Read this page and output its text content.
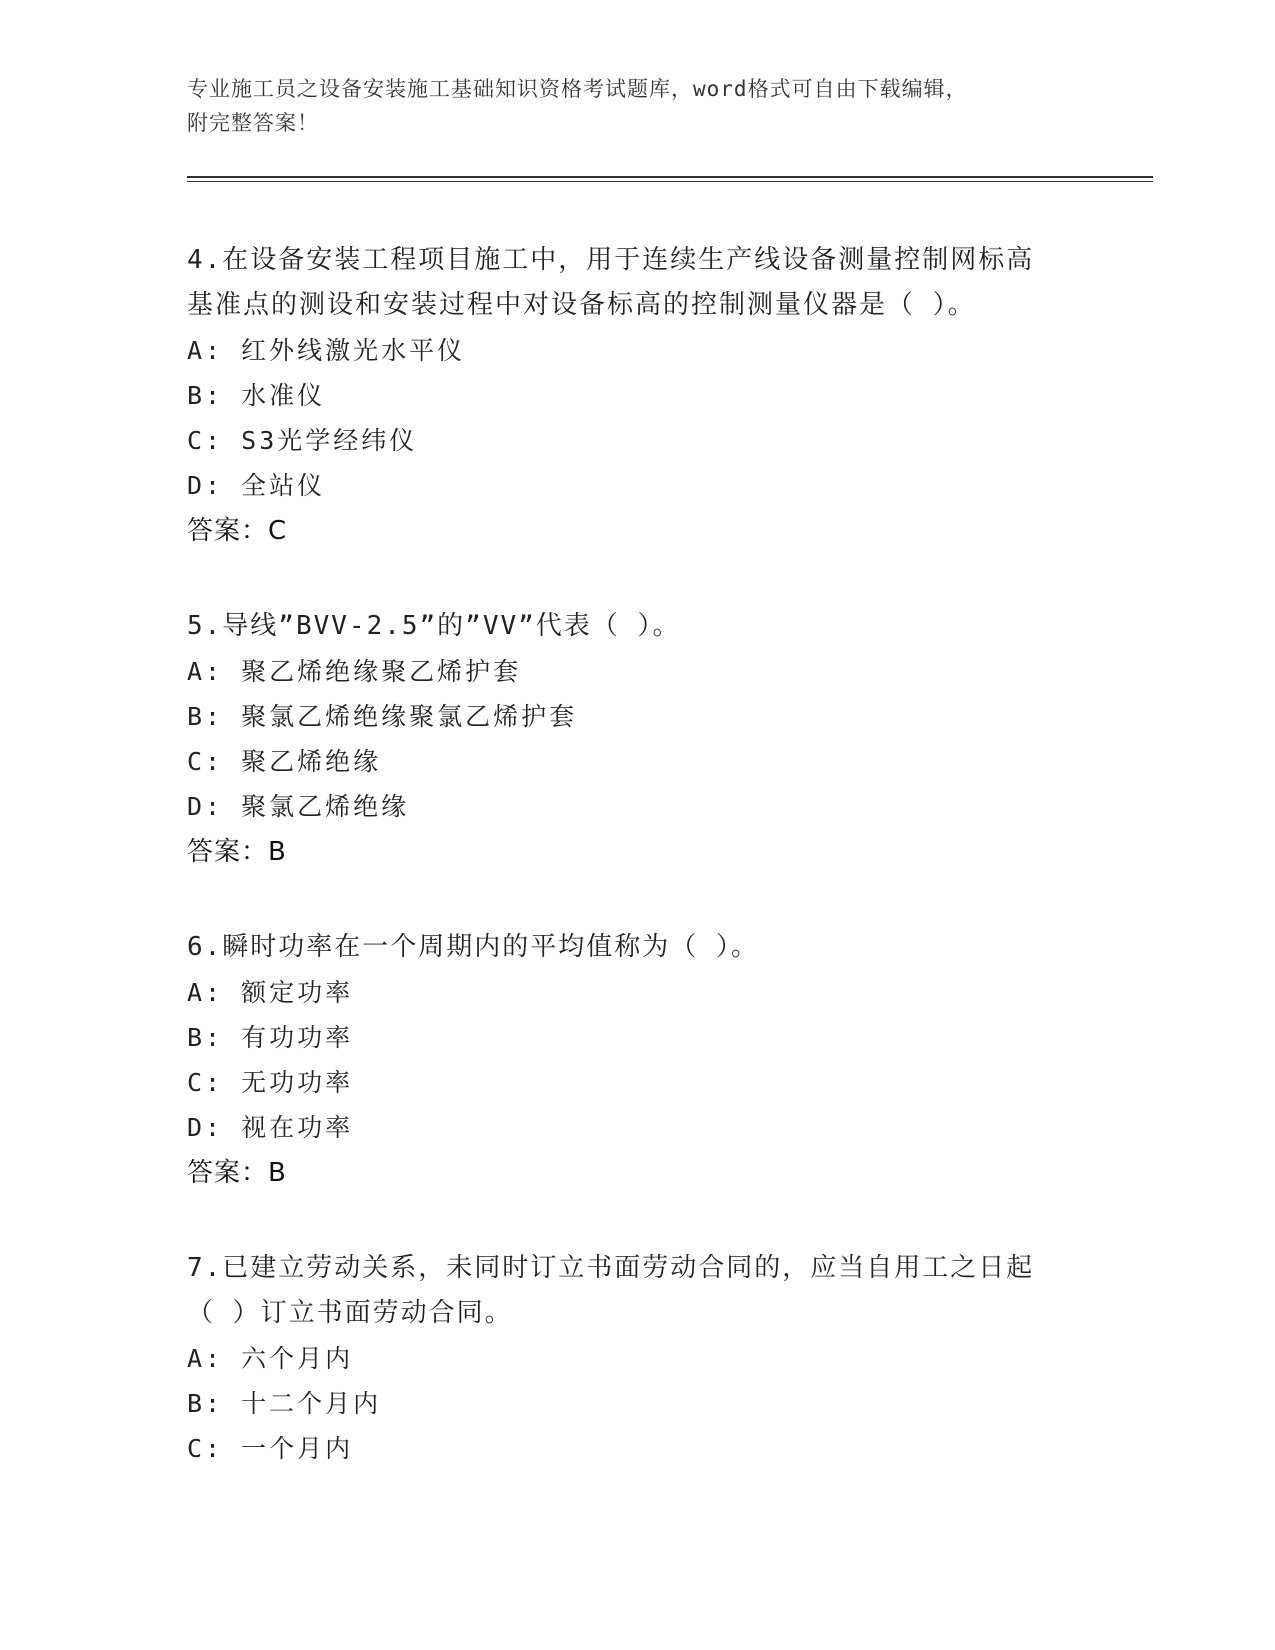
专业施工员之设备安装施工基础知识资格考试题库，word格式可自由下载编辑，
附完整答案！
4.在设备安装工程项目施工中，用于连续生产线设备测量控制网标高
基准点的测设和安装过程中对设备标高的控制测量仪器是（ ）。
A: 红外线激光水平仪
B: 水准仪
C: S3光学经纬仪
D: 全站仪
答案：C
5.导线”BVV-2.5”的”VV”代表（ ）。
A: 聚乙烯绝缘聚乙烯护套
B: 聚氯乙烯绝缘聚氯乙烯护套
C: 聚乙烯绝缘
D: 聚氯乙烯绝缘
答案：B
6.瞬时功率在一个周期内的平均值称为（ ）。
A: 额定功率
B: 有功功率
C: 无功功率
D: 视在功率
答案：B
7.已建立劳动关系，未同时订立书面劳动合同的，应当自用工之日起
（ ）订立书面劳动合同。
A: 六个月内
B: 十二个月内
C: 一个月内
